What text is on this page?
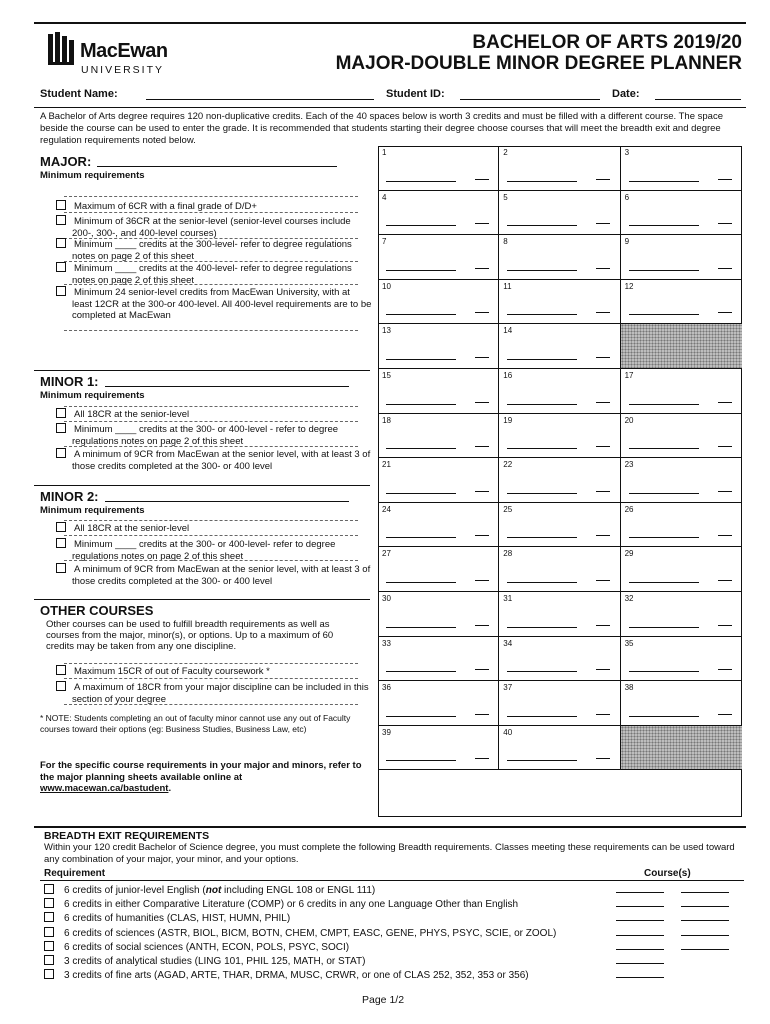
MacEwan
UNIVERSITY
BACHELOR OF ARTS 2019/20
MAJOR-DOUBLE MINOR DEGREE PLANNER
Student Name:	Student ID:	Date:
A Bachelor of Arts degree requires 120 non-duplicative credits. Each of the 40 spaces below is worth 3 credits and must be filled with a different course. The space beside the course can be used to enter the grade. It is recommended that students starting their degree choose courses that will meet the breadth exit and degree regulation requirements noted below.
MAJOR:
Minimum requirements
Maximum of 6CR with a final grade of D/D+
Minimum of 36CR at the senior-level (senior-level courses include 200-, 300-, and 400-level courses)
Minimum ____ credits at the 300-level- refer to degree regulations notes on page 2 of this sheet
Minimum ____ credits at the 400-level- refer to degree regulations notes on page 2 of this sheet
Minimum 24 senior-level credits from MacEwan University, with at least 12CR at the 300-or 400-level. All 400-level requirements are to be completed at MacEwan
MINOR 1:
Minimum requirements
All 18CR at the senior-level
Minimum ____ credits at the 300- or 400-level - refer to degree regulations notes on page 2 of this sheet
A minimum of 9CR from MacEwan at the senior level, with at least 3 of those credits completed at the 300- or 400 level
MINOR 2:
Minimum requirements
All 18CR at the senior-level
Minimum ____ credits at the 300- or 400-level- refer to degree regulations notes on page 2 of this sheet
A minimum of 9CR from MacEwan at the senior level, with at least 3 of those credits completed at the 300- or 400 level
OTHER COURSES
Other courses can be used to fulfill breadth requirements as well as courses from the major, minor(s), or options. Up to a maximum of 60 credits may be taken from any one discipline.
Maximum 15CR of out of Faculty coursework *
A maximum of 18CR from your major discipline can be included in this section of your degree
* NOTE: Students completing an out of faculty minor cannot use any out of Faculty courses toward their options (eg: Business Studies, Business Law, etc)
For the specific course requirements in your major and minors, refer to the major planning sheets available online at www.macewan.ca/bastudent.
1	2	3
4	5	6
7	8	9
10	11	12
13	14
15	16	17
18	19	20
21	22	23
24	25	26
27	28	29
30	31	32
33	34	35
36	37	38
39	40
BREADTH EXIT REQUIREMENTS
Within your 120 credit Bachelor of Science degree, you must complete the following Breadth requirements. Classes meeting these requirements can be used toward any combination of your major, your minor, and your options.
Requirement	Course(s)
6 credits of junior-level English (not including ENGL 108 or ENGL 111)
6 credits in either Comparative Literature (COMP) or 6 credits in any one Language Other than English
6 credits of humanities (CLAS, HIST, HUMN, PHIL)
6 credits of sciences (ASTR, BIOL, BICM, BOTN, CHEM, CMPT, EASC, GENE, PHYS, PSYC, SCIE, or ZOOL)
6 credits of social sciences (ANTH, ECON, POLS, PSYC, SOCI)
3 credits of analytical studies (LING 101, PHIL 125, MATH, or STAT)
3 credits of fine arts (AGAD, ARTE, THAR, DRMA, MUSC, CRWR, or one of CLAS 252, 352, 353 or 356)
Page 1/2
